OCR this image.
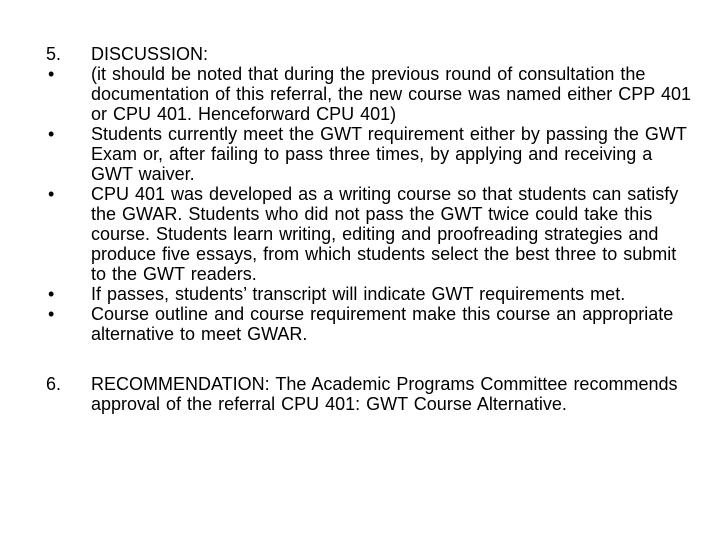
5.	DISCUSSION:
•	(it should be noted that during the previous round of consultation the documentation of this referral, the new course was named either CPP 401 or CPU 401. Henceforward CPU 401)
•	Students currently meet the GWT requirement either by passing the GWT Exam or, after failing to pass three times, by applying and receiving a GWT waiver.
•	CPU 401 was developed as a writing course so that students can satisfy the GWAR. Students who did not pass the GWT twice could take this course. Students learn writing, editing and proofreading strategies and produce five essays, from which students select the best three to submit to the GWT readers.
•	If passes, students’ transcript will indicate GWT requirements met.
•	Course outline and course requirement make this course an appropriate alternative to meet GWAR.
6.	RECOMMENDATION: The Academic Programs Committee recommends approval of the referral CPU 401: GWT Course Alternative.
